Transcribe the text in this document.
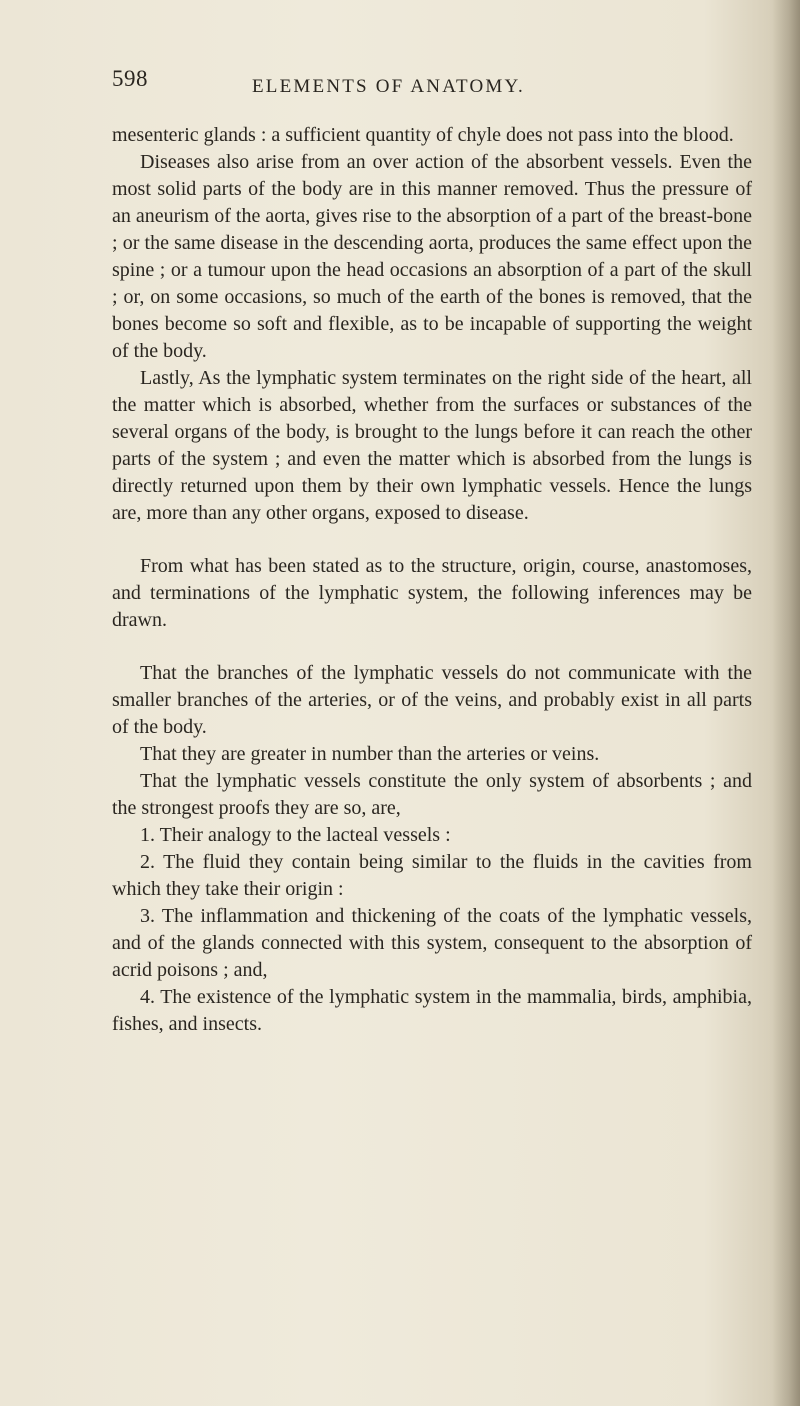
598	ELEMENTS OF ANATOMY.

mesenteric glands : a sufficient quantity of chyle does not pass into the blood.

Diseases also arise from an over action of the absorbent vessels. Even the most solid parts of the body are in this manner removed. Thus the pressure of an aneurism of the aorta, gives rise to the absorption of a part of the breast-bone ; or the same disease in the descending aorta, produces the same effect upon the spine ; or a tumour upon the head occasions an absorption of a part of the skull ; or, on some occasions, so much of the earth of the bones is removed, that the bones become so soft and flexible, as to be incapable of supporting the weight of the body.

Lastly, As the lymphatic system terminates on the right side of the heart, all the matter which is absorbed, whether from the surfaces or substances of the several organs of the body, is brought to the lungs before it can reach the other parts of the system ; and even the matter which is absorbed from the lungs is directly returned upon them by their own lymphatic vessels. Hence the lungs are, more than any other organs, exposed to disease.

From what has been stated as to the structure, origin, course, anastomoses, and terminations of the lymphatic system, the following inferences may be drawn.

That the branches of the lymphatic vessels do not communicate with the smaller branches of the arteries, or of the veins, and probably exist in all parts of the body.

That they are greater in number than the arteries or veins.

That the lymphatic vessels constitute the only system of absorbents ; and the strongest proofs they are so, are,

1. Their analogy to the lacteal vessels :

2. The fluid they contain being similar to the fluids in the cavities from which they take their origin :

3. The inflammation and thickening of the coats of the lymphatic vessels, and of the glands connected with this system, consequent to the absorption of acrid poisons ; and,

4. The existence of the lymphatic system in the mammalia, birds, amphibia, fishes, and insects.
